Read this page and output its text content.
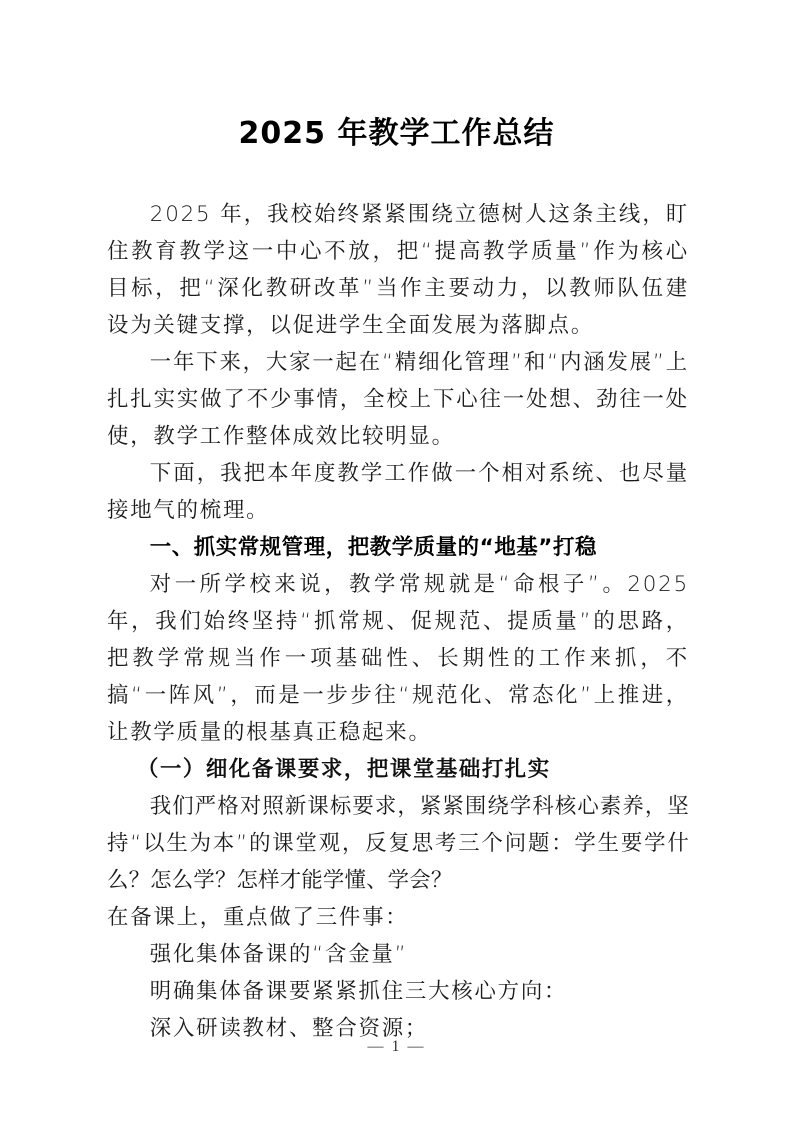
2025 年教学工作总结

2025 年，我校始终紧紧围绕立德树人这条主线，盯住教育教学这一中心不放，把“提高教学质量”作为核心目标，把“深化教研改革”当作主要动力，以教师队伍建设为关键支撑，以促进学生全面发展为落脚点。

一年下来，大家一起在“精细化管理”和“内涵发展”上扎扎实实做了不少事情，全校上下心往一处想、劲往一处使，教学工作整体成效比较明显。

下面，我把本年度教学工作做一个相对系统、也尽量接地气的梳理。

一、抓实常规管理，把教学质量的“地基”打稳

对一所学校来说，教学常规就是“命根子”。2025 年，我们始终坚持“抓常规、促规范、提质量”的思路，把教学常规当作一项基础性、长期性的工作来抓，不搞“一阵风”，而是一步步往“规范化、常态化”上推进，让教学质量的根基真正稳起来。

（一）细化备课要求，把课堂基础打扎实

我们严格对照新课标要求，紧紧围绕学科核心素养，坚持“以生为本”的课堂观，反复思考三个问题：学生要学什么？怎么学？怎样才能学懂、学会？

在备课上，重点做了三件事：

强化集体备课的“含金量”

明确集体备课要紧紧抓住三大核心方向：

深入研读教材、整合资源；

— 1 —
